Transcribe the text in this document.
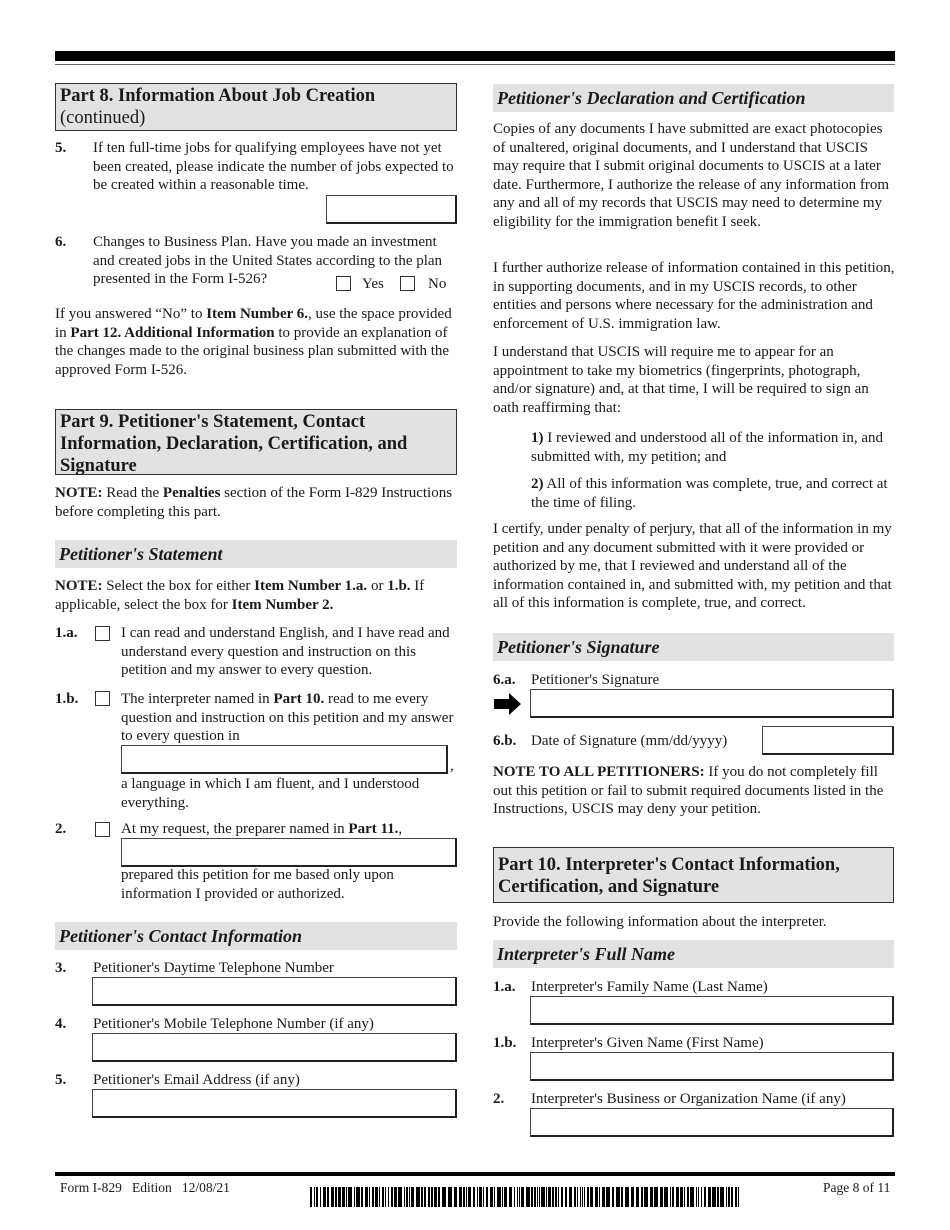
Part 8. Information About Job Creation
(continued)
5. If ten full-time jobs for qualifying employees have not yet been created, please indicate the number of jobs expected to be created within a reasonable time.
6. Changes to Business Plan. Have you made an investment and created jobs in the United States according to the plan presented in the Form I-526?	Yes	No
If you answered “No” to Item Number 6., use the space provided in Part 12. Additional Information to provide an explanation of the changes made to the original business plan submitted with the approved Form I-526.
Part 9. Petitioner's Statement, Contact Information, Declaration, Certification, and Signature
NOTE: Read the Penalties section of the Form I-829 Instructions before completing this part.
Petitioner's Statement
NOTE: Select the box for either Item Number 1.a. or 1.b. If applicable, select the box for Item Number 2.
1.a.	I can read and understand English, and I have read and understand every question and instruction on this petition and my answer to every question.
1.b.	The interpreter named in Part 10. read to me every question and instruction on this petition and my answer to every question in
,
a language in which I am fluent, and I understood everything.
2.	At my request, the preparer named in Part 11.,
prepared this petition for me based only upon information I provided or authorized.
Petitioner's Contact Information
3. Petitioner's Daytime Telephone Number
4. Petitioner's Mobile Telephone Number (if any)
5. Petitioner's Email Address (if any)
Petitioner's Declaration and Certification
Copies of any documents I have submitted are exact photocopies of unaltered, original documents, and I understand that USCIS may require that I submit original documents to USCIS at a later date. Furthermore, I authorize the release of any information from any and all of my records that USCIS may need to determine my eligibility for the immigration benefit I seek.
I further authorize release of information contained in this petition, in supporting documents, and in my USCIS records, to other entities and persons where necessary for the administration and enforcement of U.S. immigration law.
I understand that USCIS will require me to appear for an appointment to take my biometrics (fingerprints, photograph, and/or signature) and, at that time, I will be required to sign an oath reaffirming that:
1) I reviewed and understood all of the information in, and submitted with, my petition; and
2) All of this information was complete, true, and correct at the time of filing.
I certify, under penalty of perjury, that all of the information in my petition and any document submitted with it were provided or authorized by me, that I reviewed and understand all of the information contained in, and submitted with, my petition and that all of this information is complete, true, and correct.
Petitioner's Signature
6.a. Petitioner's Signature
6.b. Date of Signature (mm/dd/yyyy)
NOTE TO ALL PETITIONERS: If you do not completely fill out this petition or fail to submit required documents listed in the Instructions, USCIS may deny your petition.
Part 10. Interpreter's Contact Information, Certification, and Signature
Provide the following information about the interpreter.
Interpreter's Full Name
1.a. Interpreter's Family Name (Last Name)
1.b. Interpreter's Given Name (First Name)
2. Interpreter's Business or Organization Name (if any)
Form I-829   Edition   12/08/21	Page 8 of 11
